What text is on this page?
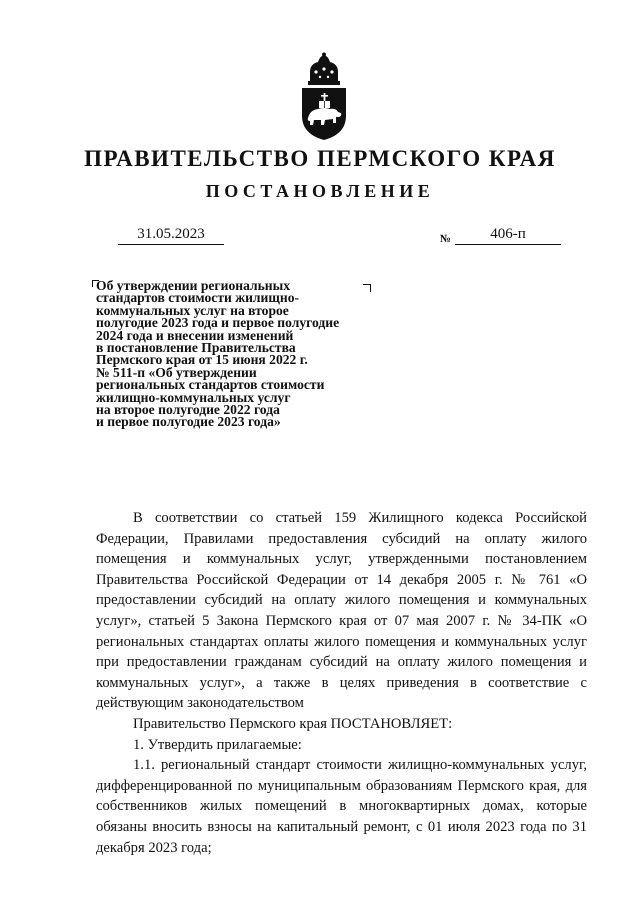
ПРАВИТЕЛЬСТВО ПЕРМСКОГО КРАЯ
ПОСТАНОВЛЕНИЕ
31.05.2023	№	406-п
Об утверждении региональных
стандартов стоимости жилищно-
коммунальных услуг на второе
полугодие 2023 года и первое полугодие
2024 года и внесении изменений
в постановление Правительства
Пермского края от 15 июня 2022 г.
№ 511-п «Об утверждении
региональных стандартов стоимости
жилищно-коммунальных услуг
на второе полугодие 2022 года
и первое полугодие 2023 года»

В соответствии со статьей 159 Жилищного кодекса Российской Федерации, Правилами предоставления субсидий на оплату жилого помещения и коммунальных услуг, утвержденными постановлением Правительства Российской Федерации от 14 декабря 2005 г. № 761 «О предоставлении субсидий на оплату жилого помещения и коммунальных услуг», статьей 5 Закона Пермского края от 07 мая 2007 г. № 34-ПК «О региональных стандартах оплаты жилого помещения и коммунальных услуг при предоставлении гражданам субсидий на оплату жилого помещения и коммунальных услуг», а также в целях приведения в соответствие с действующим законодательством

Правительство Пермского края ПОСТАНОВЛЯЕТ:

1. Утвердить прилагаемые:

1.1. региональный стандарт стоимости жилищно-коммунальных услуг, дифференцированной по муниципальным образованиям Пермского края, для собственников жилых помещений в многоквартирных домах, которые обязаны вносить взносы на капитальный ремонт, с 01 июля 2023 года по 31 декабря 2023 года;
